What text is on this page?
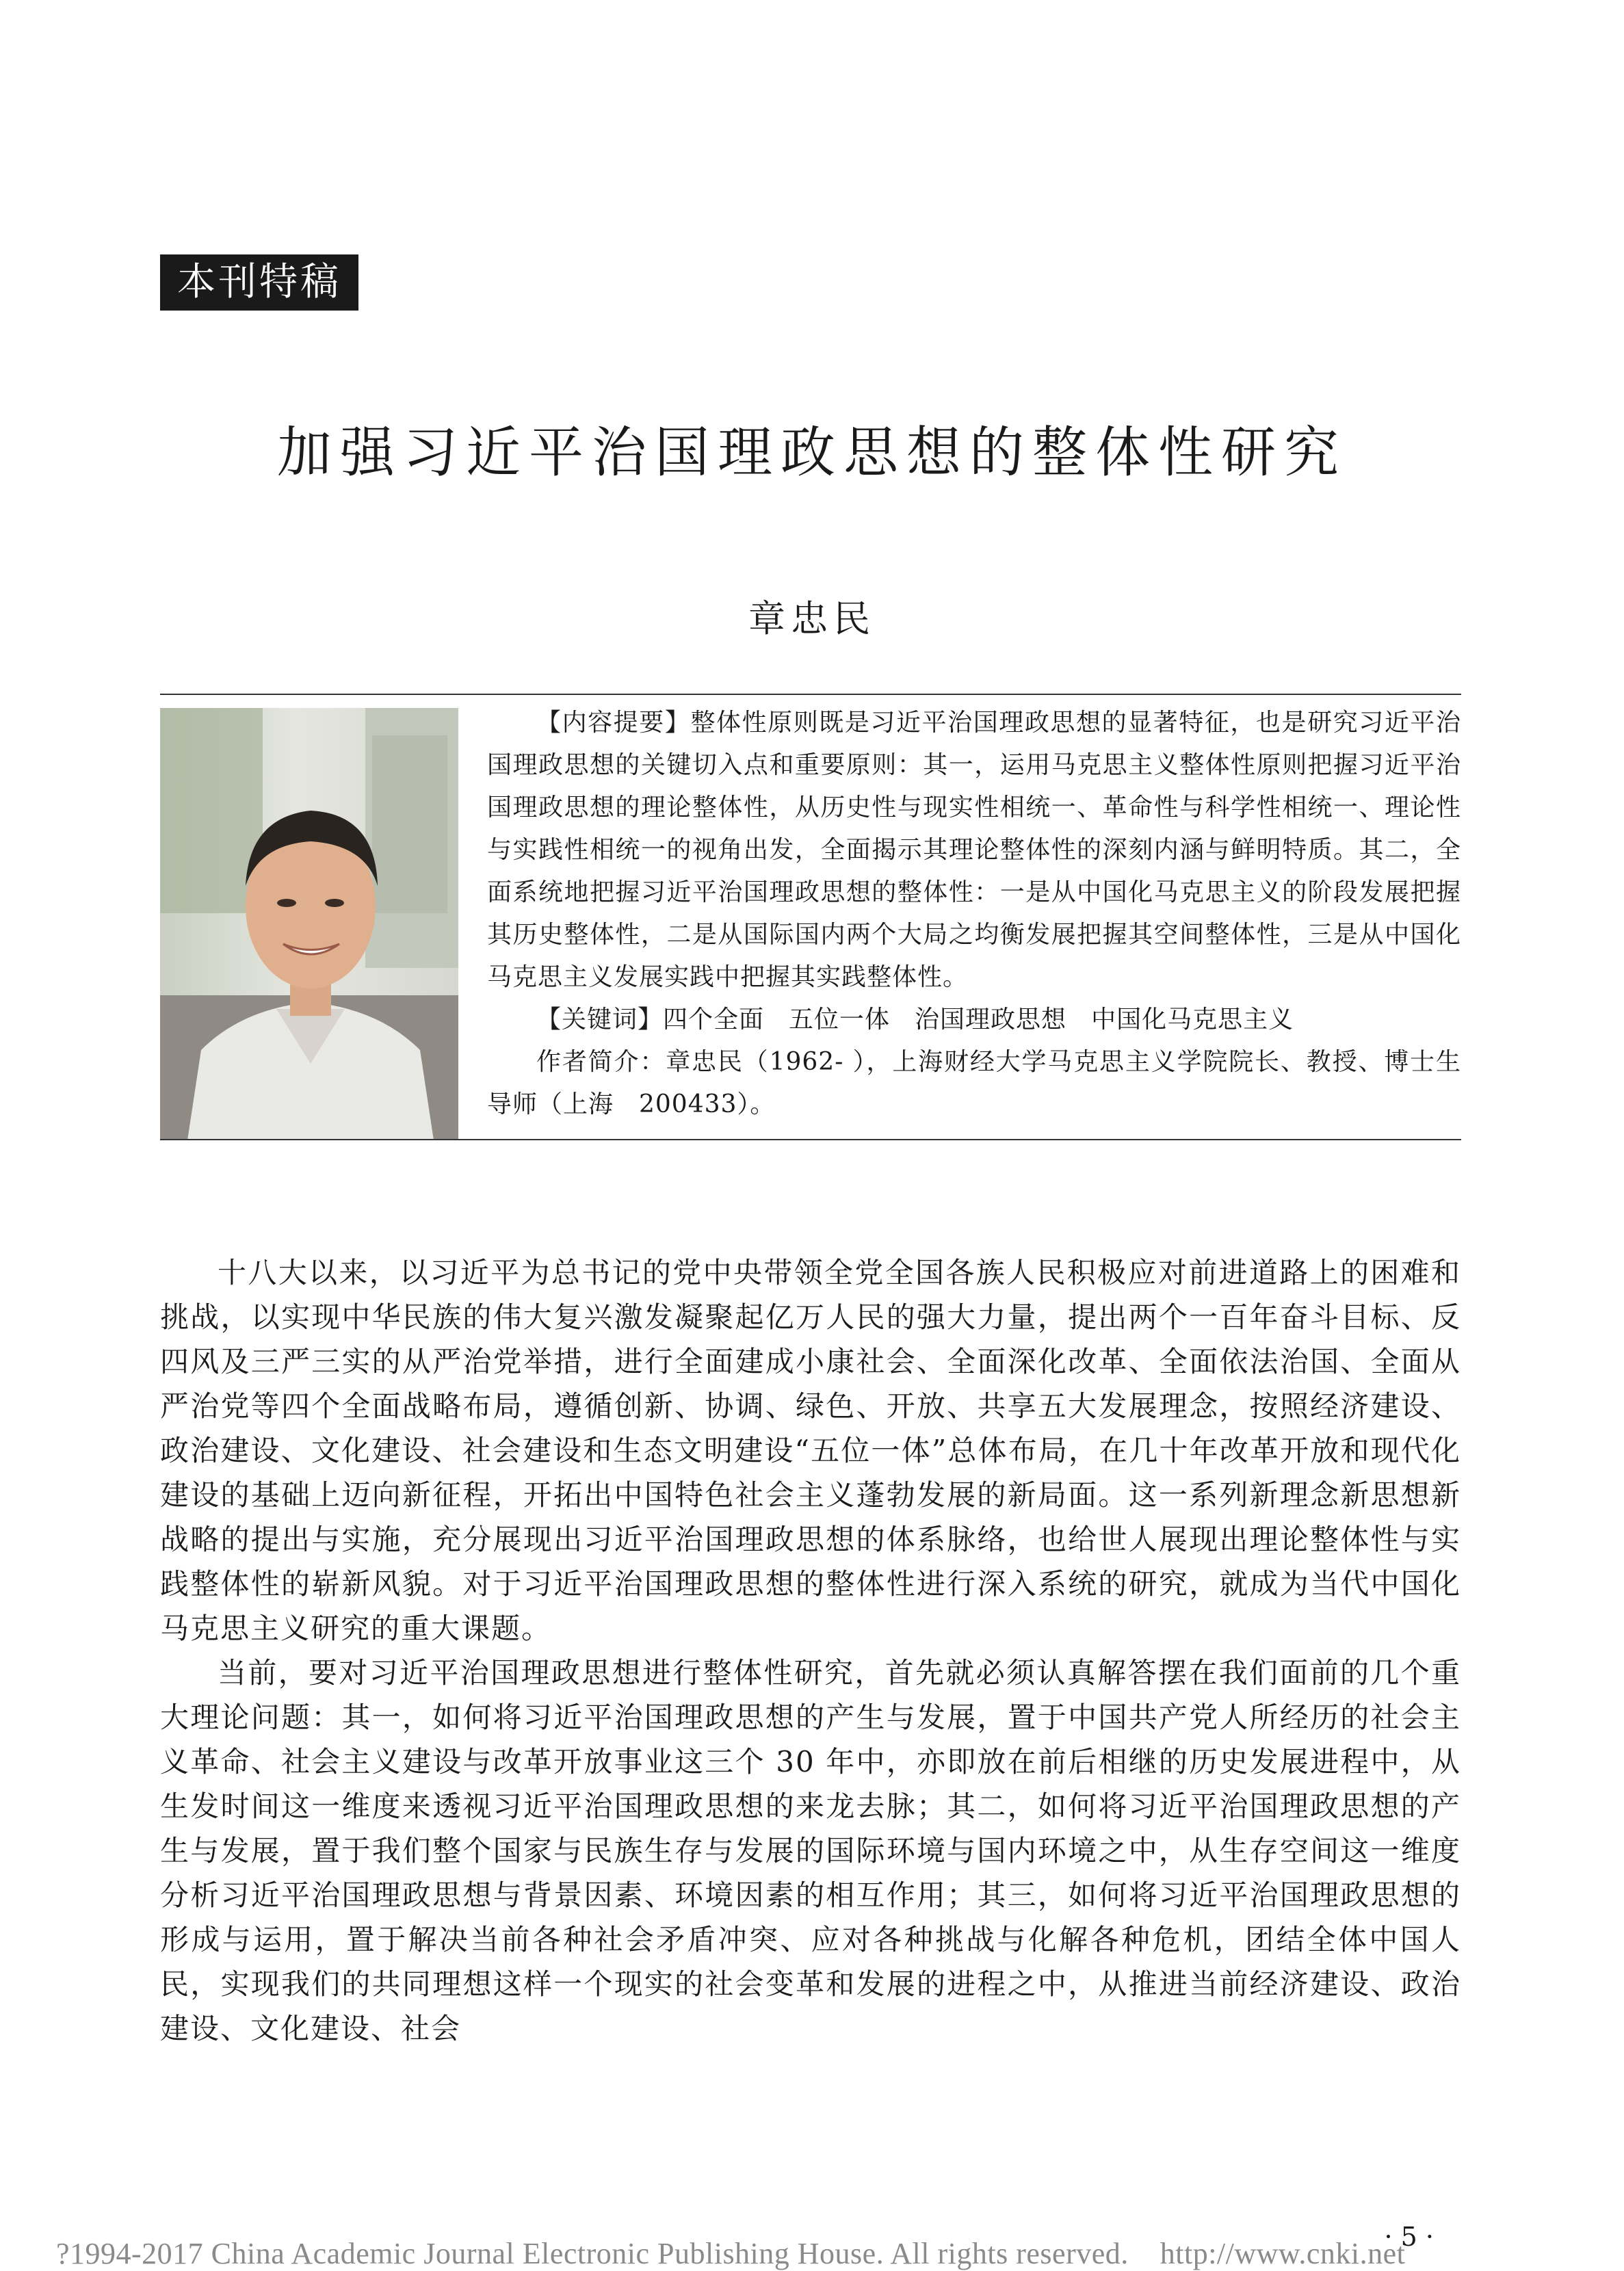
本刊特稿
加强习近平治国理政思想的整体性研究
章忠民

【内容提要】整体性原则既是习近平治国理政思想的显著特征，也是研究习近平治国理政思想的关键切入点和重要原则：其一，运用马克思主义整体性原则把握习近平治国理政思想的理论整体性，从历史性与现实性相统一、革命性与科学性相统一、理论性与实践性相统一的视角出发，全面揭示其理论整体性的深刻内涵与鲜明特质。其二，全面系统地把握习近平治国理政思想的整体性：一是从中国化马克思主义的阶段发展把握其历史整体性，二是从国际国内两个大局之均衡发展把握其空间整体性，三是从中国化马克思主义发展实践中把握其实践整体性。

【关键词】四个全面 五位一体 治国理政思想 中国化马克思主义

作者简介：章忠民（1962- ），上海财经大学马克思主义学院院长、教授、博士生导师（上海　200433）。

十八大以来，以习近平为总书记的党中央带领全党全国各族人民积极应对前进道路上的困难和挑战，以实现中华民族的伟大复兴激发凝聚起亿万人民的强大力量，提出两个一百年奋斗目标、反四风及三严三实的从严治党举措，进行全面建成小康社会、全面深化改革、全面依法治国、全面从严治党等四个全面战略布局，遵循创新、协调、绿色、开放、共享五大发展理念，按照经济建设、政治建设、文化建设、社会建设和生态文明建设“五位一体”总体布局，在几十年改革开放和现代化建设的基础上迈向新征程，开拓出中国特色社会主义蓬勃发展的新局面。这一系列新理念新思想新战略的提出与实施，充分展现出习近平治国理政思想的体系脉络，也给世人展现出理论整体性与实践整体性的崭新风貌。对于习近平治国理政思想的整体性进行深入系统的研究，就成为当代中国化马克思主义研究的重大课题。

当前，要对习近平治国理政思想进行整体性研究，首先就必须认真解答摆在我们面前的几个重大理论问题：其一，如何将习近平治国理政思想的产生与发展，置于中国共产党人所经历的社会主义革命、社会主义建设与改革开放事业这三个 30 年中，亦即放在前后相继的历史发展进程中，从生发时间这一维度来透视习近平治国理政思想的来龙去脉；其二，如何将习近平治国理政思想的产生与发展，置于我们整个国家与民族生存与发展的国际环境与国内环境之中，从生存空间这一维度分析习近平治国理政思想与背景因素、环境因素的相互作用；其三，如何将习近平治国理政思想的形成与运用，置于解决当前各种社会矛盾冲突、应对各种挑战与化解各种危机，团结全体中国人民，实现我们的共同理想这样一个现实的社会变革和发展的进程之中，从推进当前经济建设、政治建设、文化建设、社会

· 5 ·
?1994-2017 China Academic Journal Electronic Publishing House. All rights reserved. http://www.cnki.net
